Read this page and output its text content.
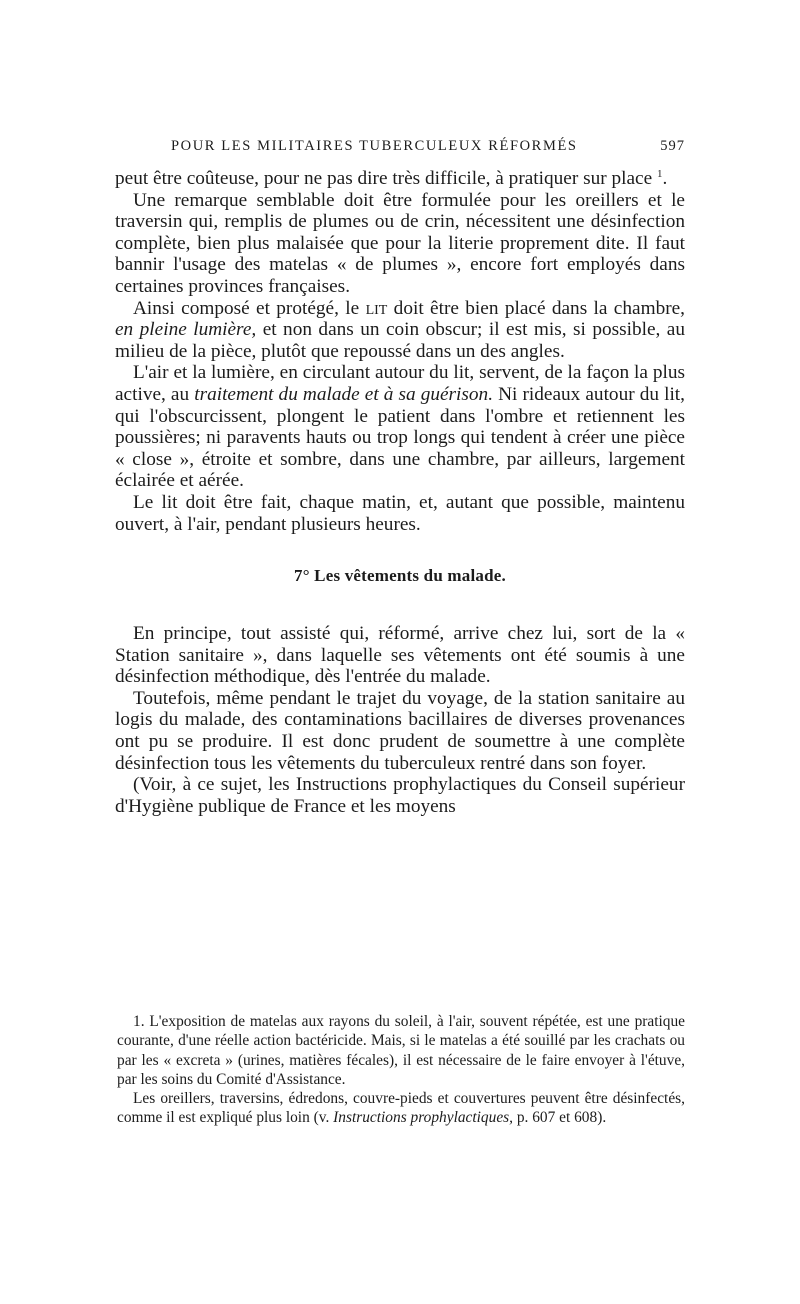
POUR LES MILITAIRES TUBERCULEUX RÉFORMÉS	597

peut être coûteuse, pour ne pas dire très difficile, à pratiquer sur place $^1$.

Une remarque semblable doit être formulée pour les oreillers et le traversin qui, remplis de plumes ou de crin, nécessitent une désinfection complète, bien plus malaisée que pour la literie proprement dite. Il faut bannir l'usage des matelas « de plumes », encore fort employés dans certaines provinces françaises.

Ainsi composé et protégé, le lit doit être bien placé dans la chambre, en pleine lumière, et non dans un coin obscur; il est mis, si possible, au milieu de la pièce, plutôt que repoussé dans un des angles.

L'air et la lumière, en circulant autour du lit, servent, de la façon la plus active, au traitement du malade et à sa guérison. Ni rideaux autour du lit, qui l'obscurcissent, plongent le patient dans l'ombre et retiennent les poussières; ni paravents hauts ou trop longs qui tendent à créer une pièce « close », étroite et sombre, dans une chambre, par ailleurs, largement éclairée et aérée.

Le lit doit être fait, chaque matin, et, autant que possible, maintenu ouvert, à l'air, pendant plusieurs heures.

7° Les vêtements du malade.

En principe, tout assisté qui, réformé, arrive chez lui, sort de la « Station sanitaire », dans laquelle ses vêtements ont été soumis à une désinfection méthodique, dès l'entrée du malade.

Toutefois, même pendant le trajet du voyage, de la station sanitaire au logis du malade, des contaminations bacillaires de diverses provenances ont pu se produire. Il est donc prudent de soumettre à une complète désinfection tous les vêtements du tuberculeux rentré dans son foyer.

(Voir, à ce sujet, les Instructions prophylactiques du Conseil supérieur d'Hygiène publique de France et les moyens

1. L'exposition de matelas aux rayons du soleil, à l'air, souvent répétée, est une pratique courante, d'une réelle action bactéricide. Mais, si le matelas a été souillé par les crachats ou par les « excreta » (urines, matières fécales), il est nécessaire de le faire envoyer à l'étuve, par les soins du Comité d'Assistance.

Les oreillers, traversins, édredons, couvre-pieds et couvertures peuvent être désinfectés, comme il est expliqué plus loin (v. Instructions prophylactiques, p. 607 et 608).
